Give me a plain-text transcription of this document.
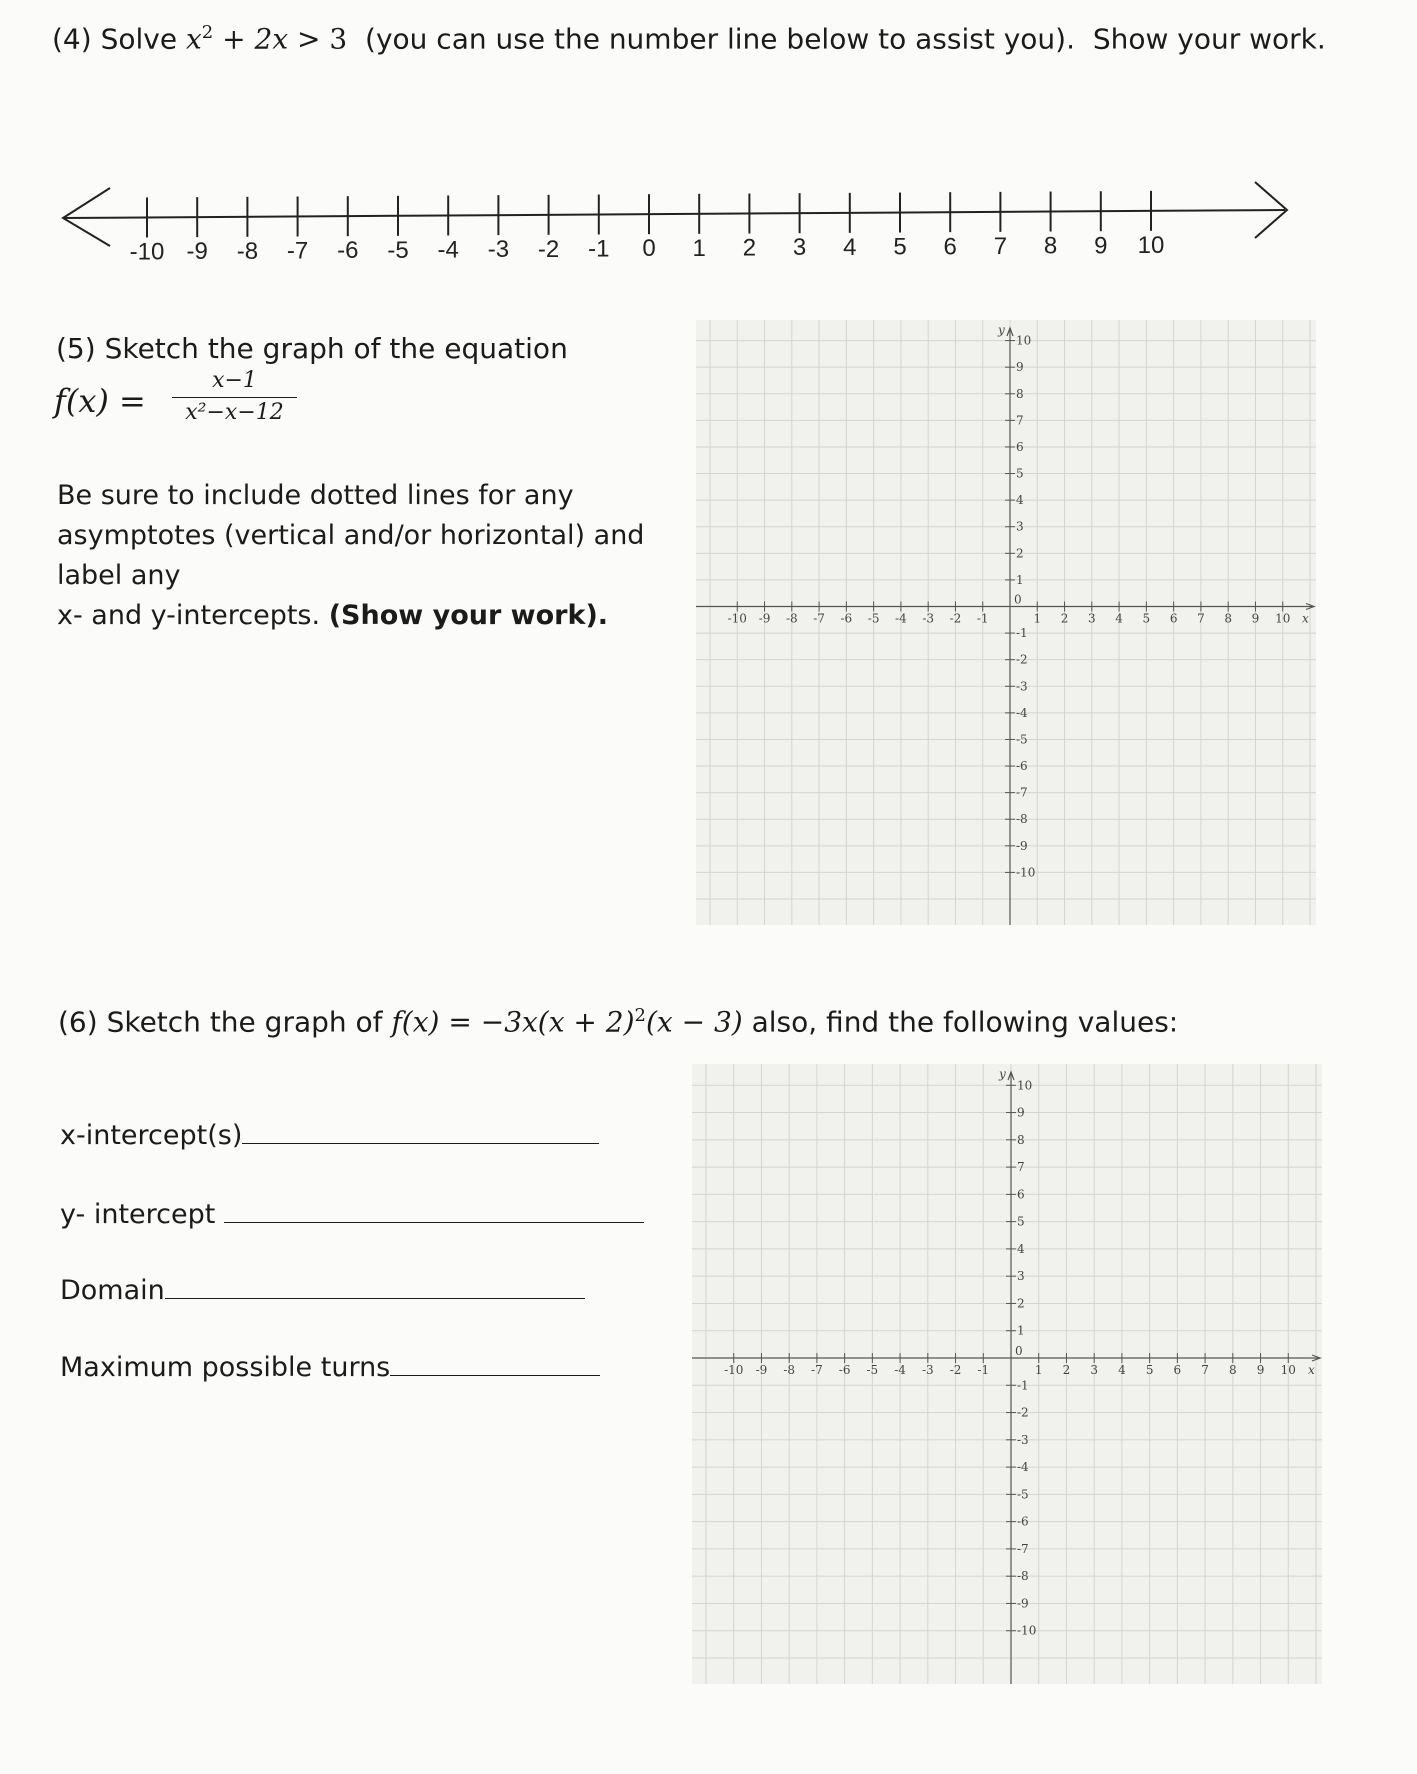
(4) Solve $x^2 + 2x > 3$ (you can use the number line below to assist you). Show your work.
-10 -9 -8 -7 -6 -5 -4 -3 -2 -1 0 1 2 3 4 5 6 7 8 9 10
(5) Sketch the graph of the equation
$f(x) = \frac{x-1}{\text{x²−x−12}}$
Be sure to include dotted lines for any
asymptotes (vertical and/or horizontal) and
label any
x- and y-intercepts. (Show your work).	-10 -9 -8 -7 -6 -5 -4 -3 -2 -1	1 2 3 4 5 6 7 8 9 10
10
9
8
7
6
5
4
3
2
1
-1
-2
-3
-4
-5
-6
-7
-8
-9
-10
0
x
y
(6) Sketch the graph of $f(x) = -3x(x + 2)^2(x - 3)$ also, find the following values:
x-intercept(s)
y- intercept
Domain
Maximum possible turns	-10 -9 -8 -7 -6 -5 -4 -3 -2 -1	1 2 3 4 5 6 7 8 9 10
10
9
8
7
6
5
4
3
2
1
-1
-2
-3
-4
-5
-6
-7
-8
-9
-10
0
x
y
